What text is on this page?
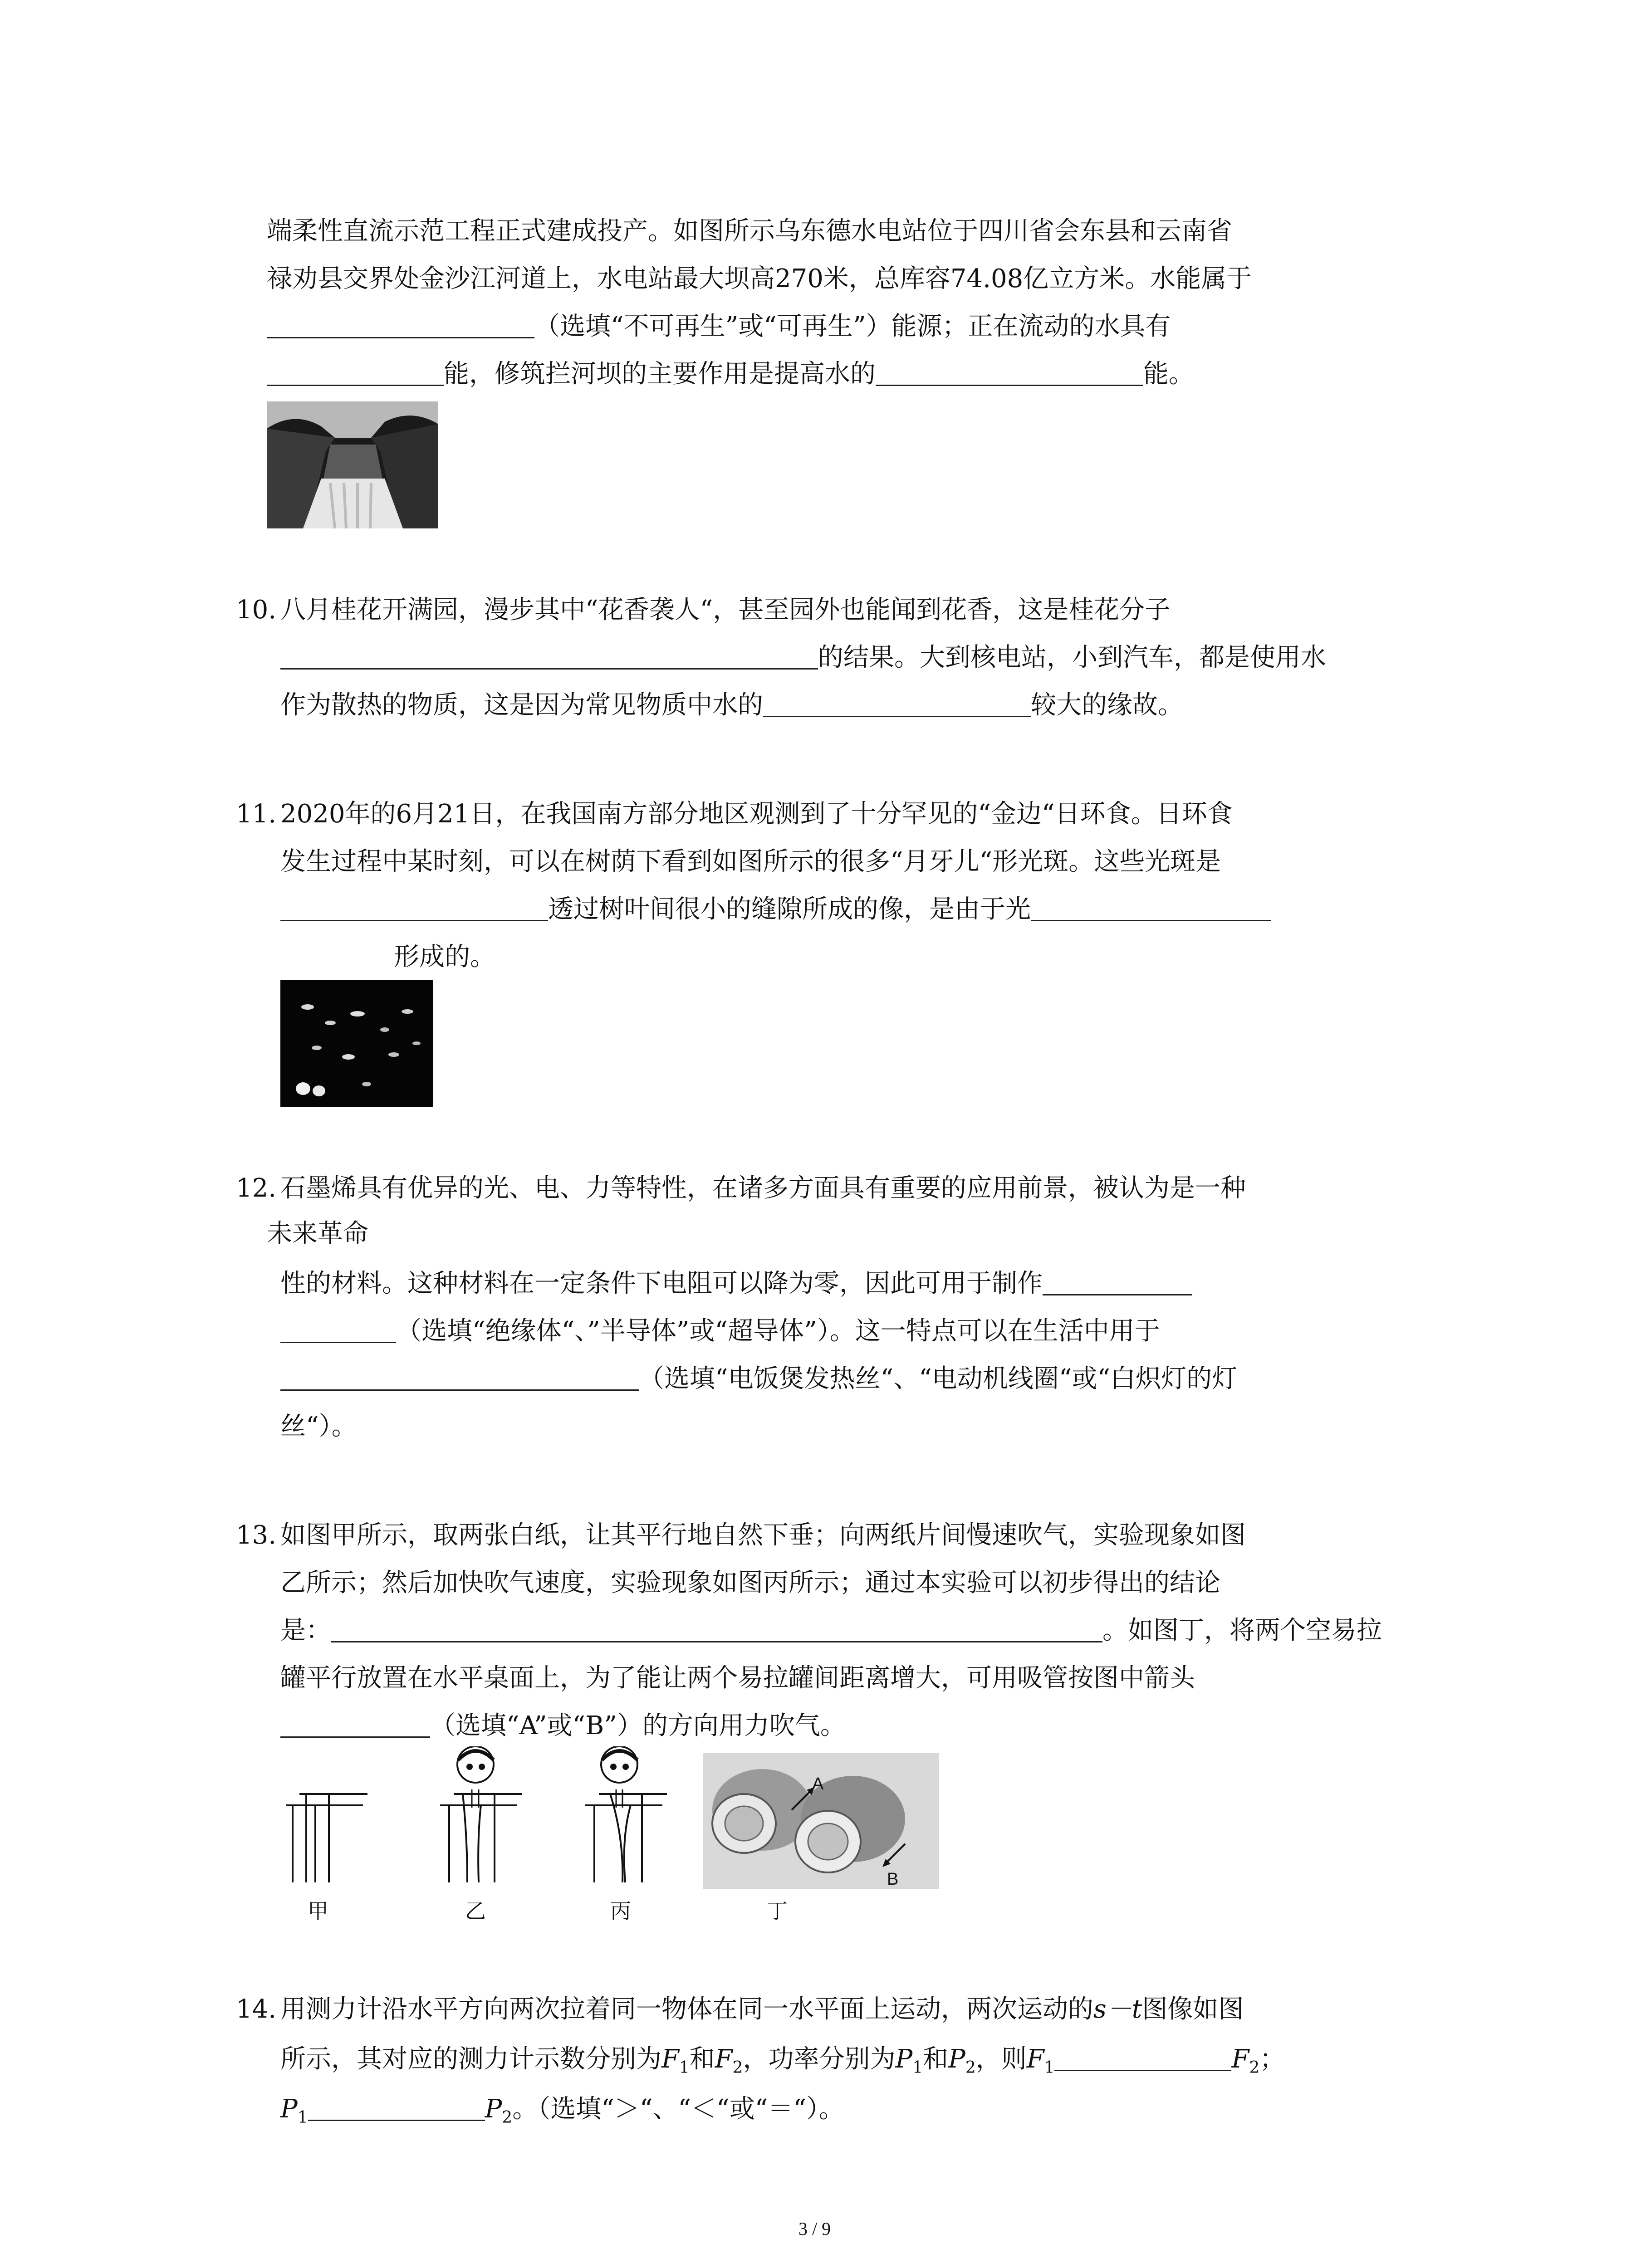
端柔性直流示范工程正式建成投产。如图所示乌东德水电站位于四川省会东县和云南省
禄劝县交界处金沙江河道上，水电站最大坝高270米，总库容74.08亿立方米。水能属于
（选填“不可再生”或“可再生”）能源；正在流动的水具有
能，修筑拦河坝的主要作用是提高水的	能。
10. 八月桂花开满园，漫步其中“花香袭人“，甚至园外也能闻到花香，这是桂花分子
的结果。大到核电站，小到汽车，都是使用水
作为散热的物质，这是因为常见物质中水的	较大的缘故。
11. 2020年的6月21日，在我国南方部分地区观测到了十分罕见的“金边“日环食。日环食
发生过程中某时刻，可以在树荫下看到如图所示的很多“月牙儿“形光斑。这些光斑是
透过树叶间很小的缝隙所成的像，是由于光
形成的。
12. 石墨烯具有优异的光、电、力等特性，在诸多方面具有重要的应用前景，被认为是一种
未来革命
性的材料。这种材料在一定条件下电阻可以降为零，因此可用于制作
（选填“绝缘体“、”半导体”或“超导体”）。这一特点可以在生活中用于
（选填“电饭煲发热丝“、“电动机线圈“或“白炽灯的灯
丝“）。
13. 如图甲所示，取两张白纸，让其平行地自然下垂；向两纸片间慢速吹气，实验现象如图
乙所示；然后加快吹气速度，实验现象如图丙所示；通过本实验可以初步得出的结论
是：	。如图丁，将两个空易拉
罐平行放置在水平桌面上，为了能让两个易拉罐间距离增大，可用吸管按图中箭头
（选填“A”或“B”）的方向用力吹气。
A
B
甲	乙	丙	丁
14. 用测力计沿水平方向两次拉着同一物体在同一水平面上运动，两次运动的s－t图像如图
所示，其对应的测力计示数分别为$F_1$和$F_2$，功率分别为$P_1$和$P_2$，则$F_1$	$F_2$；
$P_1$	$P_2$。（选填“＞“、“＜“或“＝“）。
3 / 9
